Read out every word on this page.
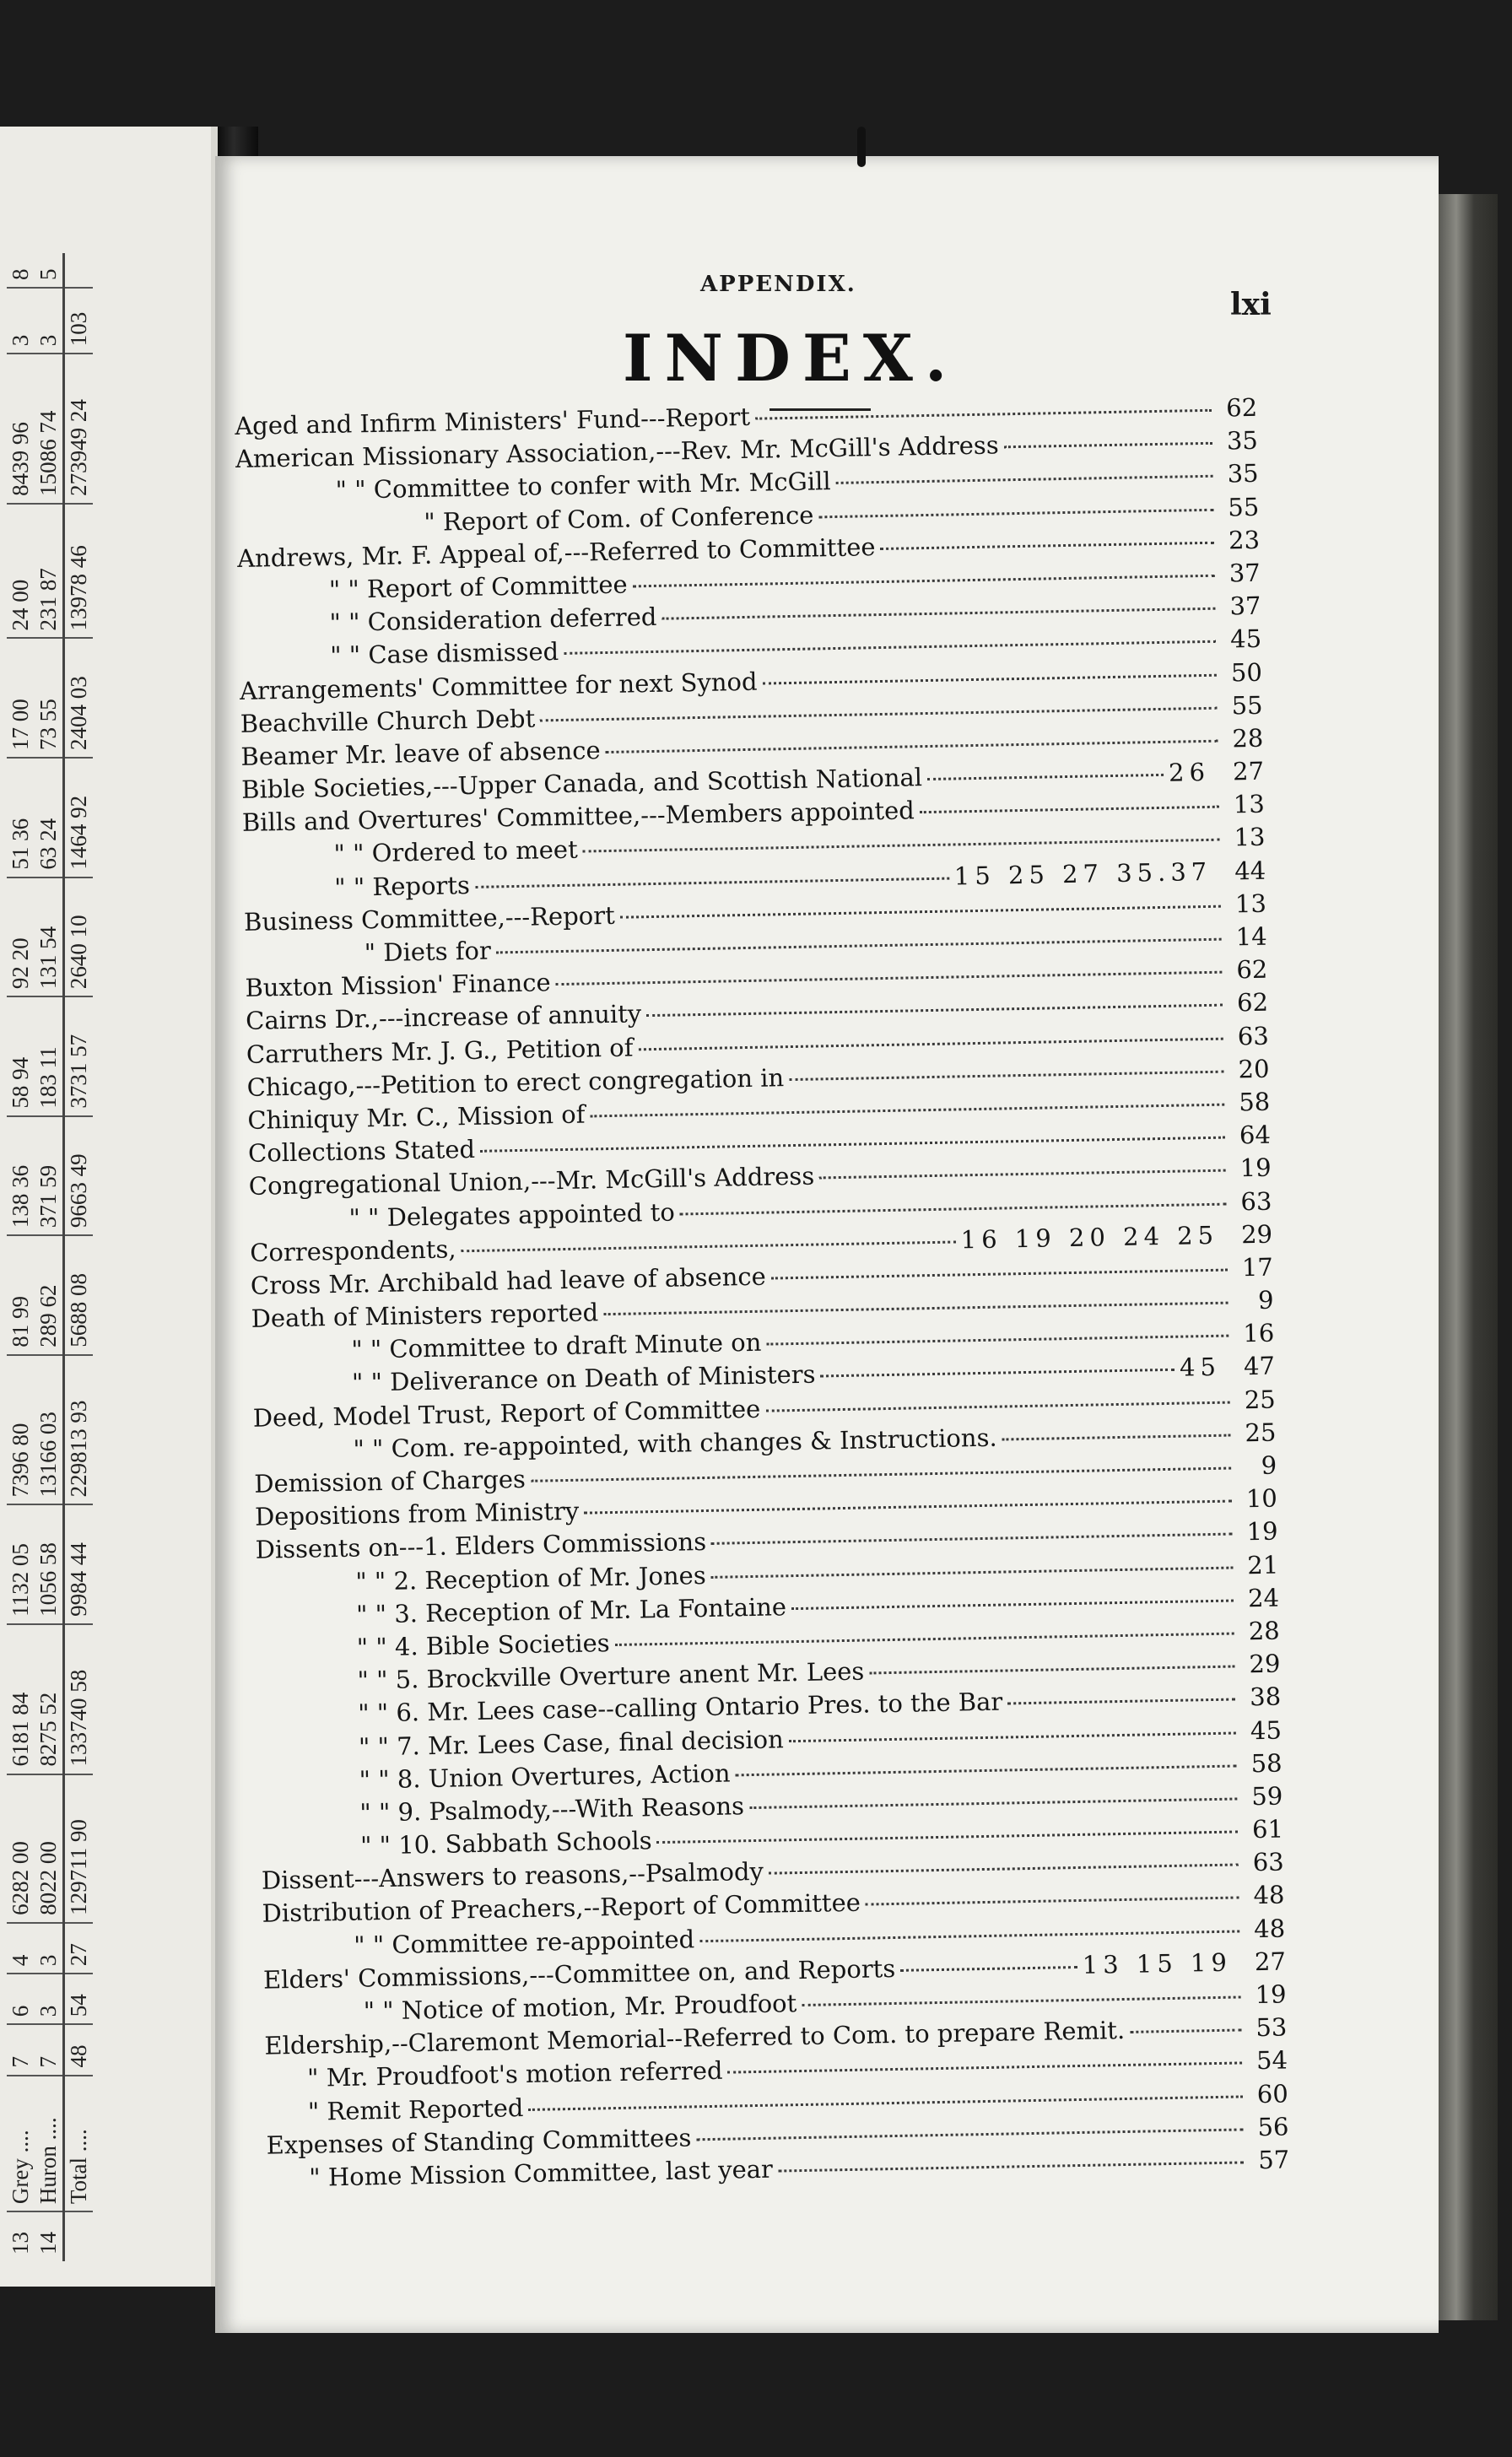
13	Grey ....	7	6	4	6282 00	6181 84	1132 05	7396 80	81 99	138 36	58 94	92 20	51 36	17 00	24 00	8439 96	3	8
14	Huron ....	7	3	3	8022 00	8275 52	1056 58	13166 03	289 62	371 59	183 11	131 54	63 24	73 55	231 87	15086 74	3	5
	Total ....	48	54	27	129711 90	133740 58	9984 44	229813 93	5688 08	9663 49	3731 57	2640 10	1464 92	2404 03	13978 46	273949 24	103	
APPENDIX.
lxi
INDEX.
Aged and Infirm Ministers' Fund---Report	62
American Missionary Association,---Rev. Mr. McGill's Address	35
" " Committee to confer with Mr. McGill	35
" Report of Com. of Conference	55
Andrews, Mr. F. Appeal of,---Referred to Committee	23
" " Report of Committee	37
" " Consideration deferred	37
" " Case dismissed	45
Arrangements' Committee for next Synod	50
Beachville Church Debt	55
Beamer Mr. leave of absence	28
Bible Societies,---Upper Canada, and Scottish National	26 27
Bills and Overtures' Committee,---Members appointed	13
" " Ordered to meet	13
" " Reports	15 25 27 35.37 44
Business Committee,---Report	13
" Diets for	14
Buxton Mission' Finance	62
Cairns Dr.,---increase of annuity	62
Carruthers Mr. J. G., Petition of	63
Chicago,---Petition to erect congregation in	20
Chiniquy Mr. C., Mission of	58
Collections Stated	64
Congregational Union,---Mr. McGill's Address	19
" " Delegates appointed to	63
Correspondents,	16 19 20 24 25 29
Cross Mr. Archibald had leave of absence	17
Death of Ministers reported	9
" " Committee to draft Minute on	16
" " Deliverance on Death of Ministers	45 47
Deed, Model Trust, Report of Committee	25
" " Com. re-appointed, with changes & Instructions.	25
Demission of Charges	9
Depositions from Ministry	10
Dissents on---1. Elders Commissions	19
" " 2. Reception of Mr. Jones	21
" " 3. Reception of Mr. La Fontaine	24
" " 4. Bible Societies	28
" " 5. Brockville Overture anent Mr. Lees	29
" " 6. Mr. Lees case--calling Ontario Pres. to the Bar	38
" " 7. Mr. Lees Case, final decision	45
" " 8. Union Overtures, Action	58
" " 9. Psalmody,---With Reasons	59
" " 10. Sabbath Schools	61
Dissent---Answers to reasons,--Psalmody	63
Distribution of Preachers,--Report of Committee	48
" " Committee re-appointed	48
Elders' Commissions,---Committee on, and Reports	13 15 19 27
" " Notice of motion, Mr. Proudfoot	19
Eldership,--Claremont Memorial--Referred to Com. to prepare Remit.	53
" Mr. Proudfoot's motion referred	54
" Remit Reported	60
Expenses of Standing Committees	56
" Home Mission Committee, last year	57
